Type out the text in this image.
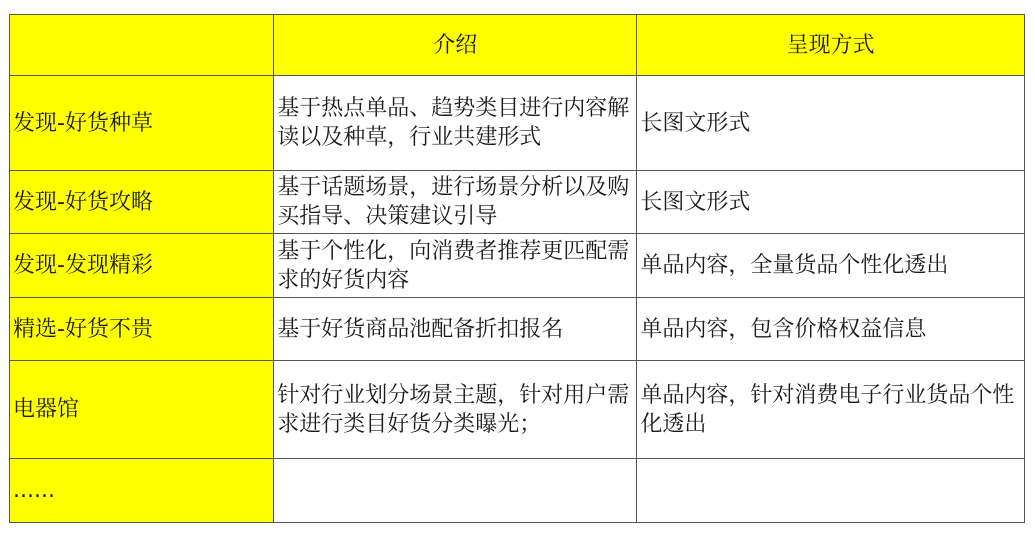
	介绍	呈现方式
发现-好货种草	基于热点单品、趋势类目进行内容解读以及种草，行业共建形式	长图文形式
发现-好货攻略	基于话题场景，进行场景分析以及购买指导、决策建议引导	长图文形式
发现-发现精彩	基于个性化，向消费者推荐更匹配需求的好货内容	单品内容，全量货品个性化透出
精选-好货不贵	基于好货商品池配备折扣报名	单品内容，包含价格权益信息
电器馆	针对行业划分场景主题，针对用户需求进行类目好货分类曝光；	单品内容，针对消费电子行业货品个性化透出
......		
